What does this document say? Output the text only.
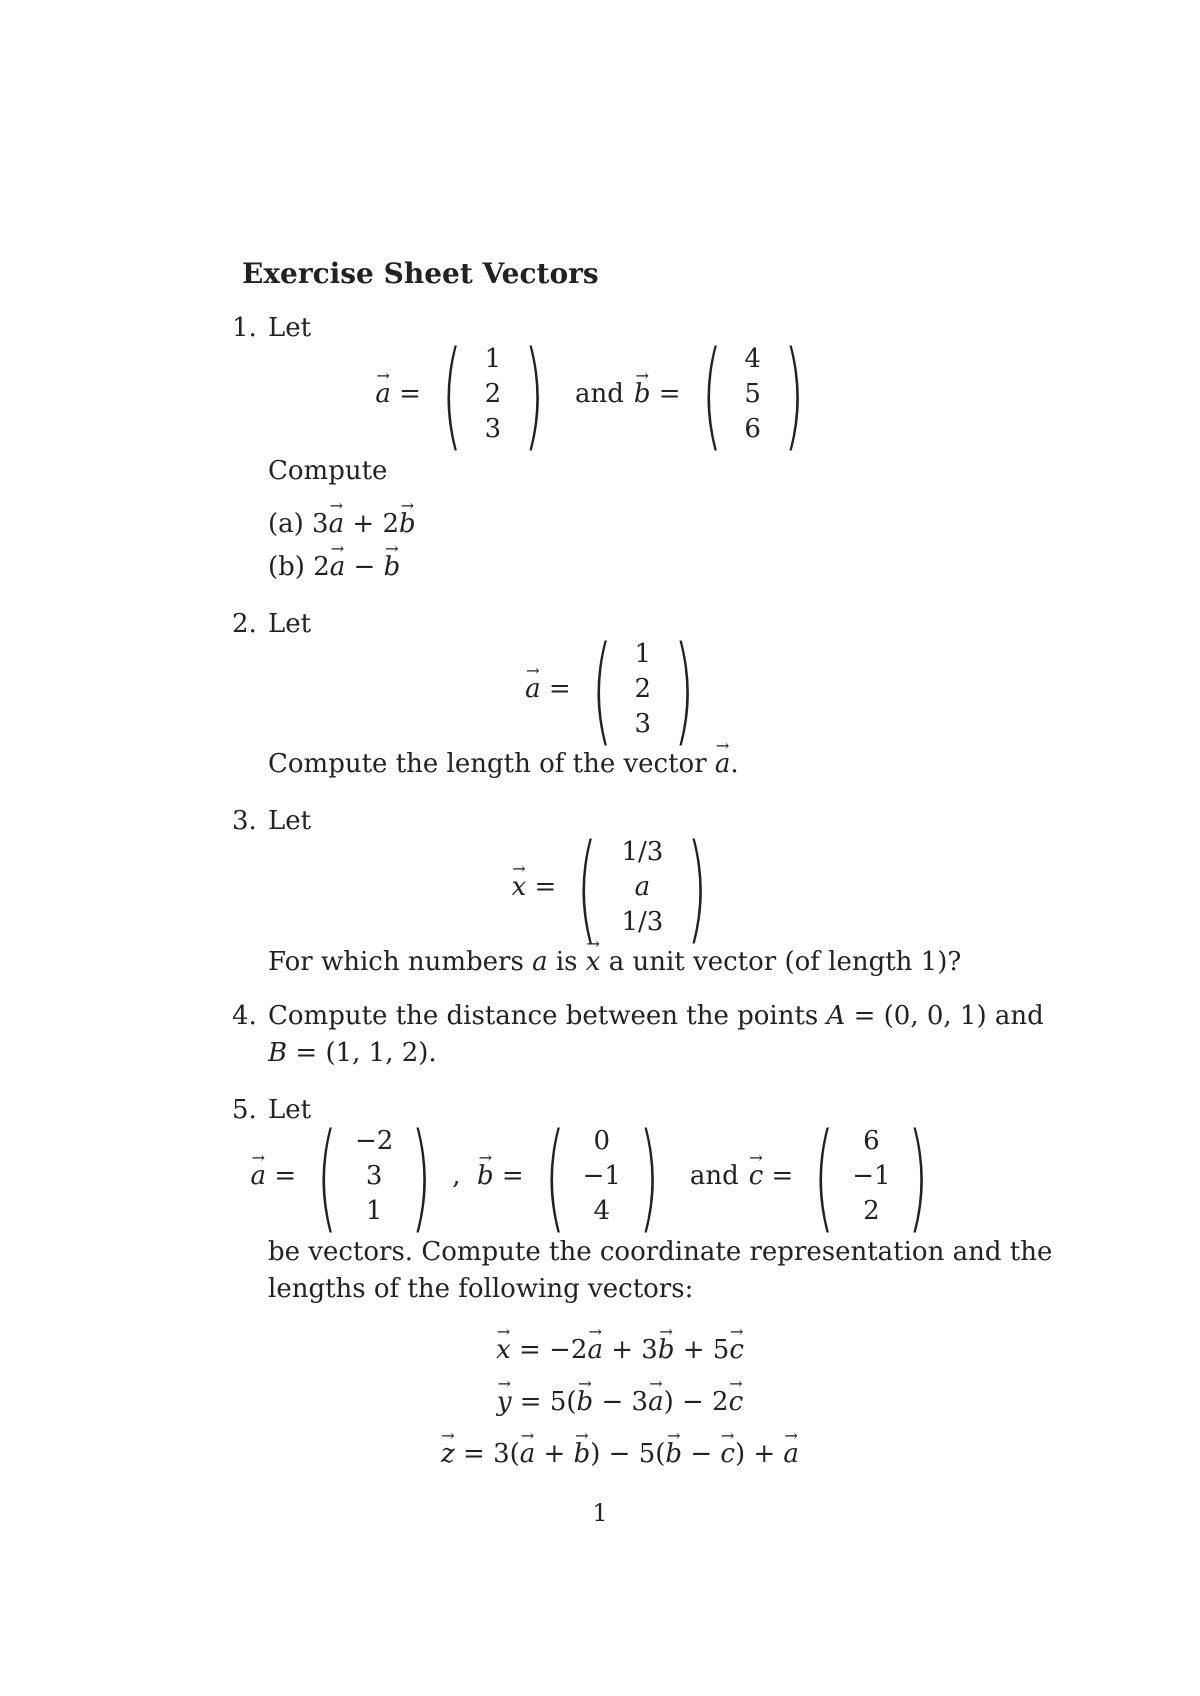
Exercise Sheet Vectors
1. Let
a → = ( 1
2
3 ) and b → = ( 4
5
6 )
Compute
(a) 3a → + 2b →
(b) 2a → − b →
2. Let
a → = ( 1
2
3 )
Compute the length of the vector a →.
3. Let
x → = ( 1/3
a
1/3 )
For which numbers a is x → a unit vector (of length 1)?
4. Compute the distance between the points A = (0, 0, 1) and
B = (1, 1, 2).
5. Let
a → = ( −2
3
1 ) , b → = ( 0
−1
4 ) and c → = ( 6
−1
2 )
be vectors. Compute the coordinate representation and the
lengths of the following vectors:
x → = −2a → + 3b → + 5c →
y → = 5(b → − 3a →) − 2c →
z → = 3(a → + b →) − 5(b → − c →) + a →
1
